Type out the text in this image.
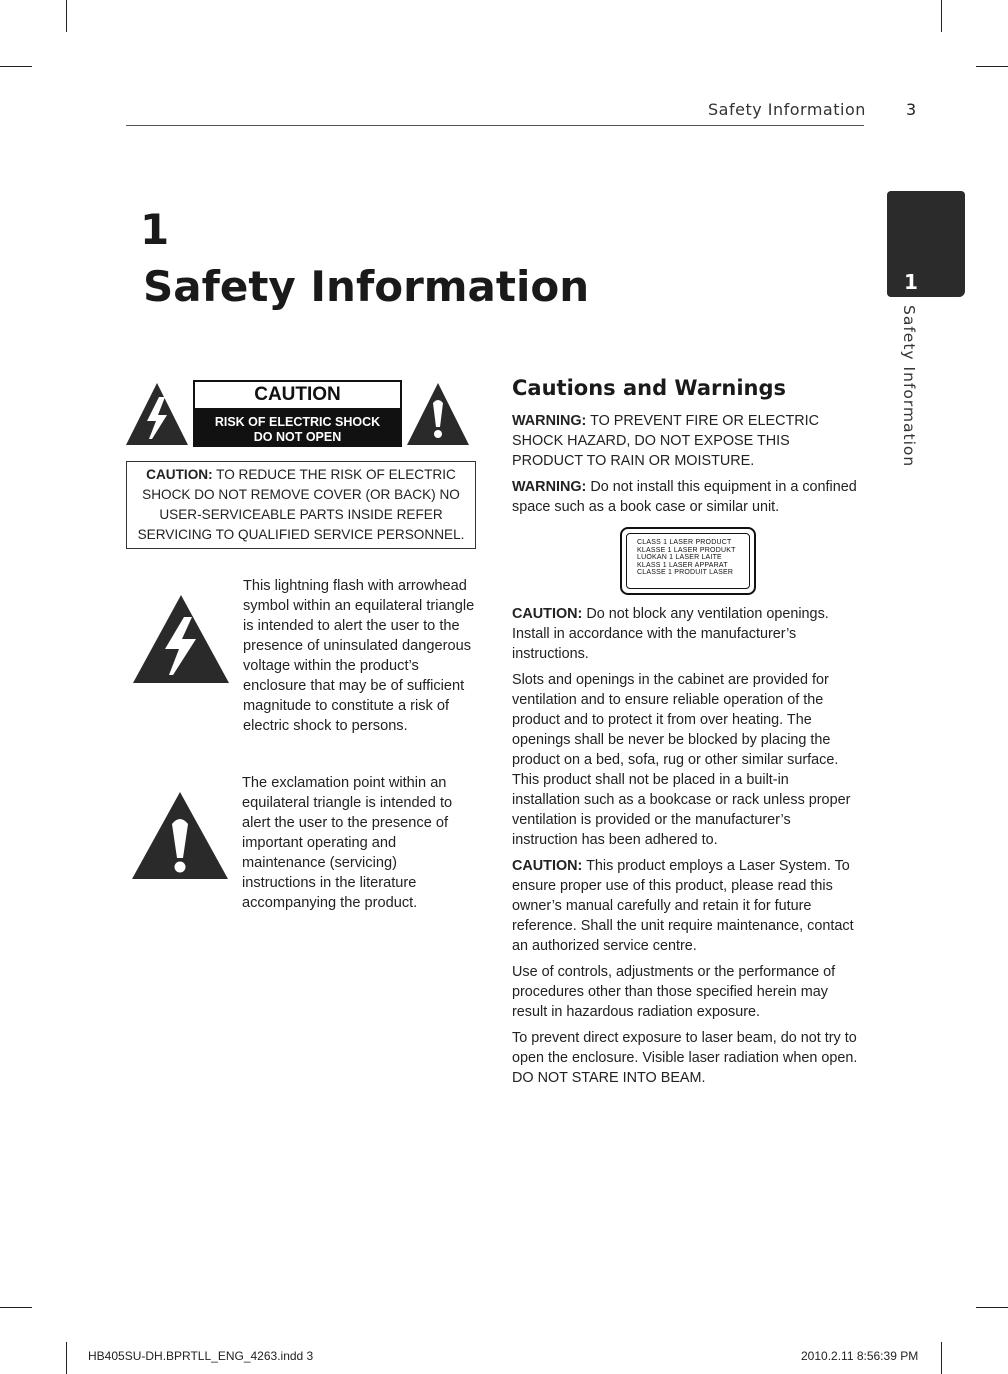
Safety Information	3
1
Safety Information
1
Safety Information
CAUTION
RISK OF ELECTRIC SHOCK
DO NOT OPEN
CAUTION: TO REDUCE THE RISK OF ELECTRIC SHOCK DO NOT REMOVE COVER (OR BACK) NO USER-SERVICEABLE PARTS INSIDE REFER SERVICING TO QUALIFIED SERVICE PERSONNEL.
This lightning flash with arrowhead symbol within an equilateral triangle is intended to alert the user to the presence of uninsulated dangerous voltage within the product’s enclosure that may be of sufficient magnitude to constitute a risk of electric shock to persons.
The exclamation point within an equilateral triangle is intended to alert the user to the presence of important operating and maintenance (servicing) instructions in the literature accompanying the product.
Cautions and Warnings
WARNING: TO PREVENT FIRE OR ELECTRIC SHOCK HAZARD, DO NOT EXPOSE THIS PRODUCT TO RAIN OR MOISTURE.
WARNING: Do not install this equipment in a confined space such as a book case or similar unit.
CLASS 1 LASER PRODUCT
KLASSE 1 LASER PRODUKT
LUOKAN 1 LASER LAITE
KLASS 1 LASER APPARAT
CLASSE 1 PRODUIT LASER
CAUTION: Do not block any ventilation openings. Install in accordance with the manufacturer’s instructions.
Slots and openings in the cabinet are provided for ventilation and to ensure reliable operation of the product and to protect it from over heating. The openings shall be never be blocked by placing the product on a bed, sofa, rug or other similar surface. This product shall not be placed in a built-in installation such as a bookcase or rack unless proper ventilation is provided or the manufacturer’s instruction has been adhered to.
CAUTION: This product employs a Laser System. To ensure proper use of this product, please read this owner’s manual carefully and retain it for future reference. Shall the unit require maintenance, contact an authorized service centre.
Use of controls, adjustments or the performance of procedures other than those specified herein may result in hazardous radiation exposure.
To prevent direct exposure to laser beam, do not try to open the enclosure. Visible laser radiation when open. DO NOT STARE INTO BEAM.
HB405SU-DH.BPRTLL_ENG_4263.indd 3	2010.2.11 8:56:39 PM
